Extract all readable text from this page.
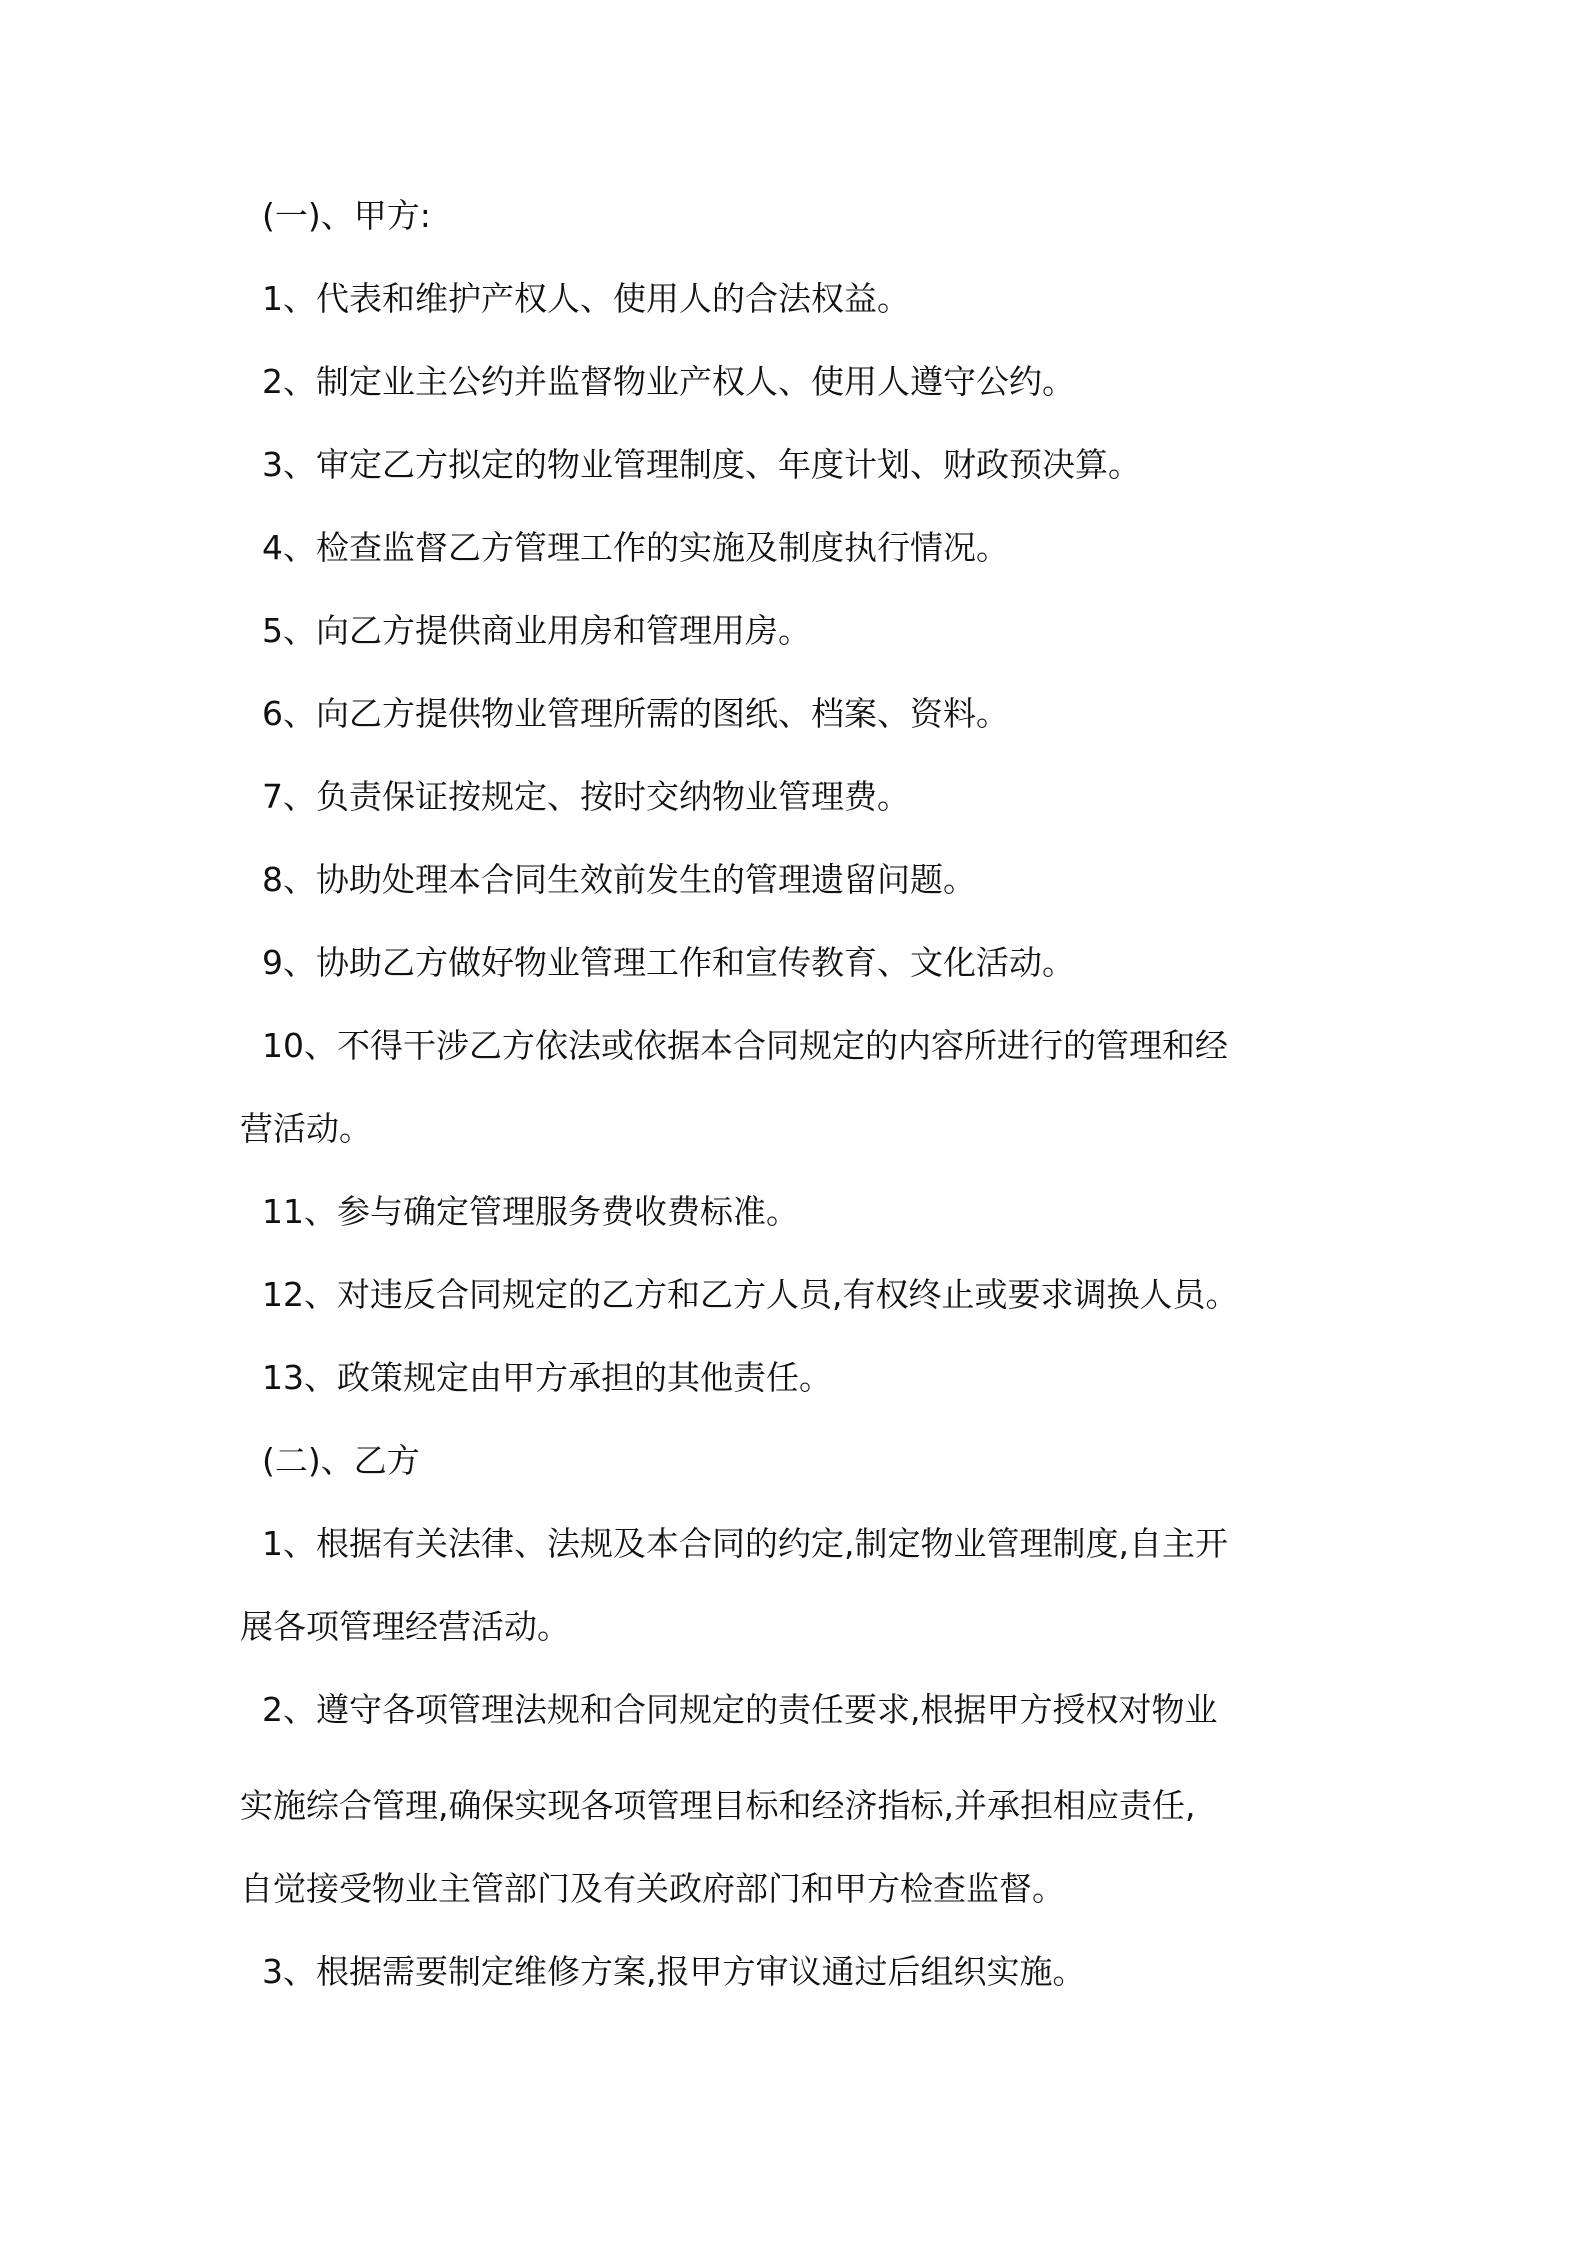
(一)、甲方:
1、代表和维护产权人、使用人的合法权益。
2、制定业主公约并监督物业产权人、使用人遵守公约。
3、审定乙方拟定的物业管理制度、年度计划、财政预决算。
4、检查监督乙方管理工作的实施及制度执行情况。
5、向乙方提供商业用房和管理用房。
6、向乙方提供物业管理所需的图纸、档案、资料。
7、负责保证按规定、按时交纳物业管理费。
8、协助处理本合同生效前发生的管理遗留问题。
9、协助乙方做好物业管理工作和宣传教育、文化活动。
10、不得干涉乙方依法或依据本合同规定的内容所进行的管理和经
营活动。
11、参与确定管理服务费收费标准。
12、对违反合同规定的乙方和乙方人员,有权终止或要求调换人员。
13、政策规定由甲方承担的其他责任。
(二)、乙方
1、根据有关法律、法规及本合同的约定,制定物业管理制度,自主开
展各项管理经营活动。
2、遵守各项管理法规和合同规定的责任要求,根据甲方授权对物业
实施综合管理,确保实现各项管理目标和经济指标,并承担相应责任,
自觉接受物业主管部门及有关政府部门和甲方检查监督。
3、根据需要制定维修方案,报甲方审议通过后组织实施。
